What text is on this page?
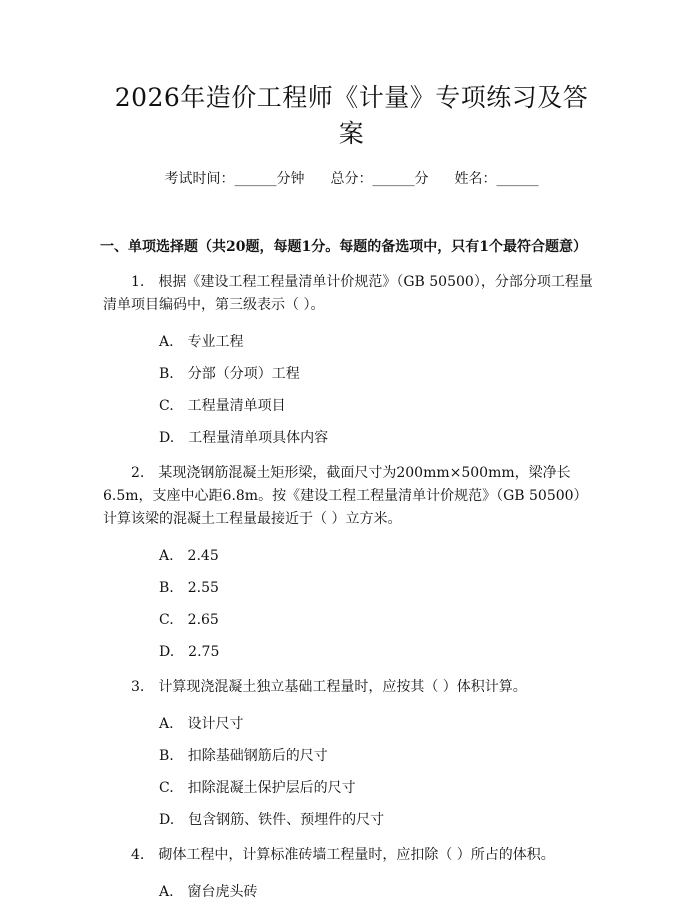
2026年造价工程师《计量》专项练习及答案
考试时间：______分钟 总分：______分 姓名：______
一、单项选择题（共20题，每题1分。每题的备选项中，只有1个最符合题意）
1.　根据《建设工程工程量清单计价规范》（GB 50500），分部分项工程量清单项目编码中，第三级表示（ ）。
A.　专业工程
B.　分部（分项）工程
C.　工程量清单项目
D.　工程量清单项具体内容
2.　某现浇钢筋混凝土矩形梁，截面尺寸为200mm×500mm，梁净长6.5m，支座中心距6.8m。按《建设工程工程量清单计价规范》（GB 50500）计算该梁的混凝土工程量最接近于（ ）立方米。
A.　2.45
B.　2.55
C.　2.65
D.　2.75
3.　计算现浇混凝土独立基础工程量时，应按其（ ）体积计算。
A.　设计尺寸
B.　扣除基础钢筋后的尺寸
C.　扣除混凝土保护层后的尺寸
D.　包含钢筋、铁件、预埋件的尺寸
4.　砌体工程中，计算标准砖墙工程量时，应扣除（ ）所占的体积。
A.　窗台虎头砖
